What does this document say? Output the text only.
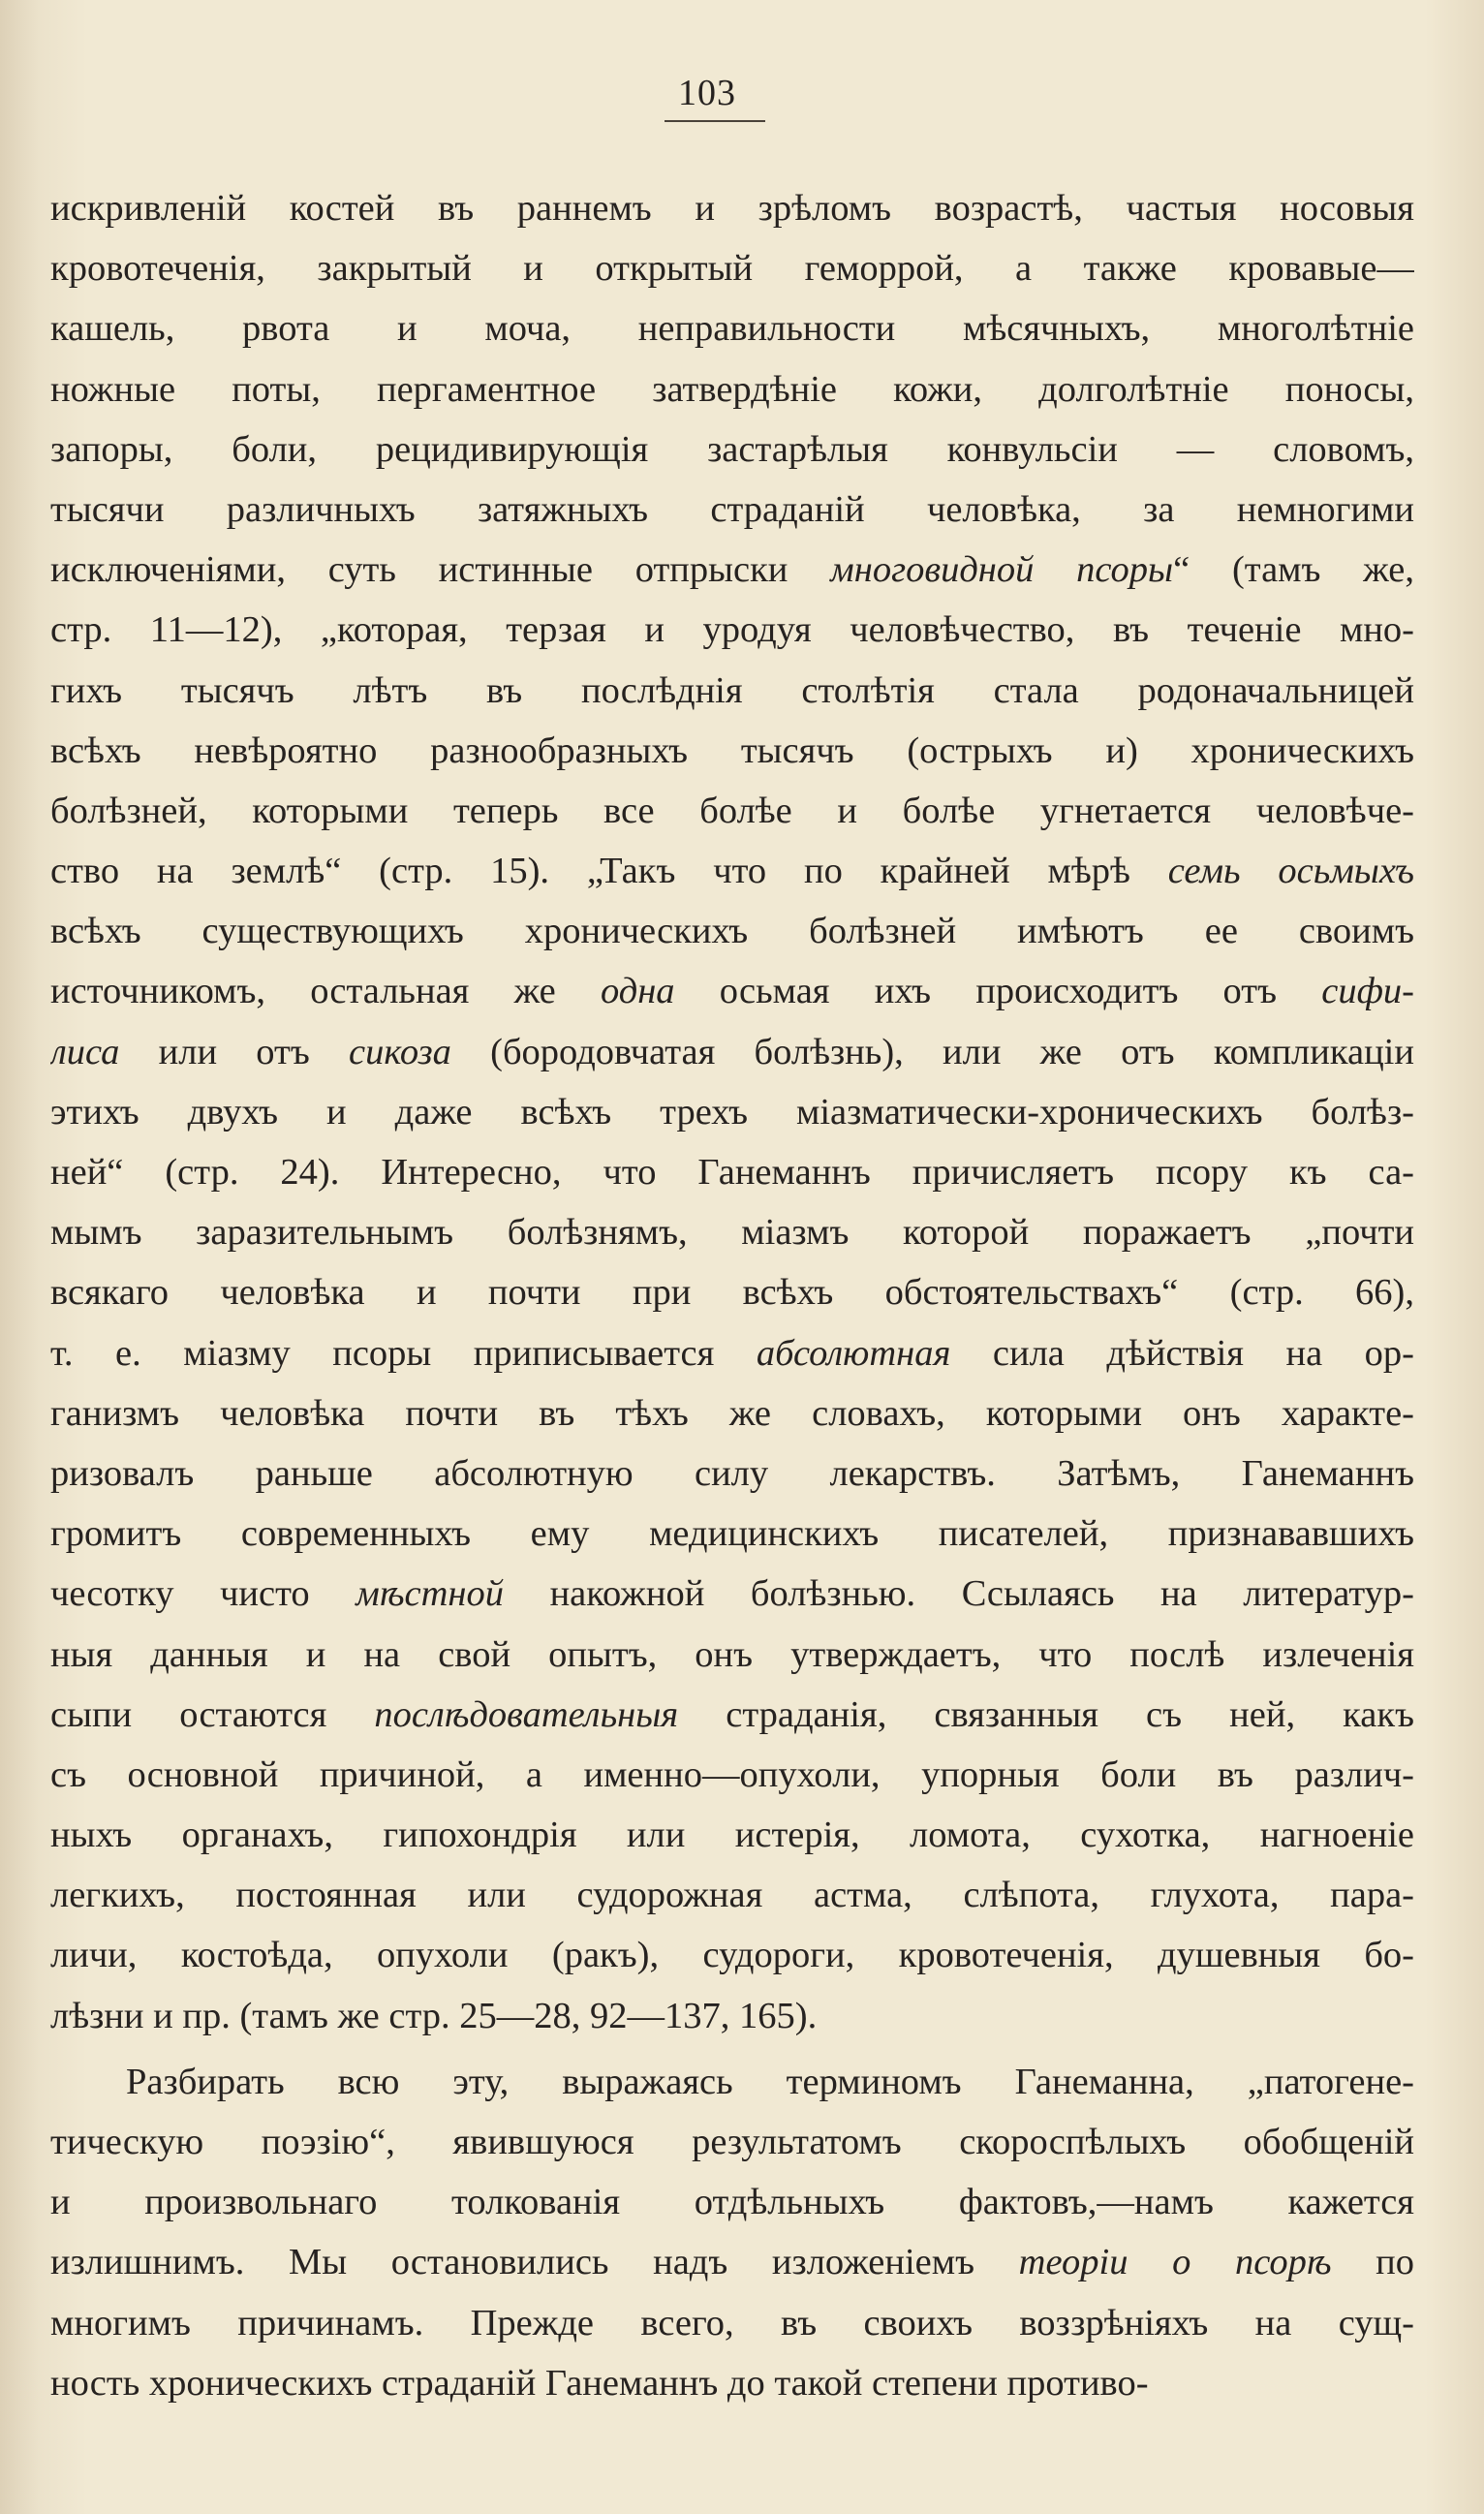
103
искривленій костей въ раннемъ и зрѣломъ возрастѣ, частыя носовыя
кровотеченія, закрытый и открытый геморрой, а также кровавые—
кашель, рвота и моча, неправильности мѣсячныхъ, многолѣтніе
ножные поты, пергаментное затвердѣніе кожи, долголѣтніе поносы,
запоры, боли, рецидивирующія застарѣлыя конвульсіи — словомъ,
тысячи различныхъ затяжныхъ страданій человѣка, за немногими
исключеніями, суть истинные отпрыски многовидной псоры“ (тамъ же,
стр. 11—12), „которая, терзая и уродуя человѣчество, въ теченіе мно-
гихъ тысячъ лѣтъ въ послѣднія столѣтія стала родоначальницей
всѣхъ невѣроятно разнообразныхъ тысячъ (острыхъ и) хроническихъ
болѣзней, которыми теперь все болѣе и болѣе угнетается человѣче-
ство на землѣ“ (стр. 15). „Такъ что по крайней мѣрѣ семь осьмыхъ
всѣхъ существующихъ хроническихъ болѣзней имѣютъ ее своимъ
источникомъ, остальная же одна осьмая ихъ происходитъ отъ сифи-
лиса или отъ сикоза (бородовчатая болѣзнь), или же отъ компликаціи
этихъ двухъ и даже всѣхъ трехъ міазматически-хроническихъ болѣз-
ней“ (стр. 24). Интересно, что Ганеманнъ причисляетъ псору къ са-
мымъ заразительнымъ болѣзнямъ, міазмъ которой поражаетъ „почти
всякаго человѣка и почти при всѣхъ обстоятельствахъ“ (стр. 66),
т. е. міазму псоры приписывается абсолютная сила дѣйствія на ор-
ганизмъ человѣка почти въ тѣхъ же словахъ, которыми онъ характе-
ризовалъ раньше абсолютную силу лекарствъ. Затѣмъ, Ганеманнъ
громитъ современныхъ ему медицинскихъ писателей, признававшихъ
чесотку чисто мѣстной накожной болѣзнью. Ссылаясь на литератур-
ныя данныя и на свой опытъ, онъ утверждаетъ, что послѣ излеченія
сыпи остаются послѣдовательныя страданія, связанныя съ ней, какъ
съ основной причиной, а именно—опухоли, упорныя боли въ различ-
ныхъ органахъ, гипохондрія или истерія, ломота, сухотка, нагноеніе
легкихъ, постоянная или судорожная астма, слѣпота, глухота, пара-
личи, костоѣда, опухоли (ракъ), судороги, кровотеченія, душевныя бо-
лѣзни и пр. (тамъ же стр. 25—28, 92—137, 165).
Разбирать всю эту, выражаясь терминомъ Ганеманна, „патогене-
тическую поэзію“, явившуюся результатомъ скороспѣлыхъ обобщеній
и произвольнаго толкованія отдѣльныхъ фактовъ,—намъ кажется
излишнимъ. Мы остановились надъ изложеніемъ теоріи о псорѣ по
многимъ причинамъ. Прежде всего, въ своихъ воззрѣніяхъ на сущ-
ность хроническихъ страданій Ганеманнъ до такой степени противо-
